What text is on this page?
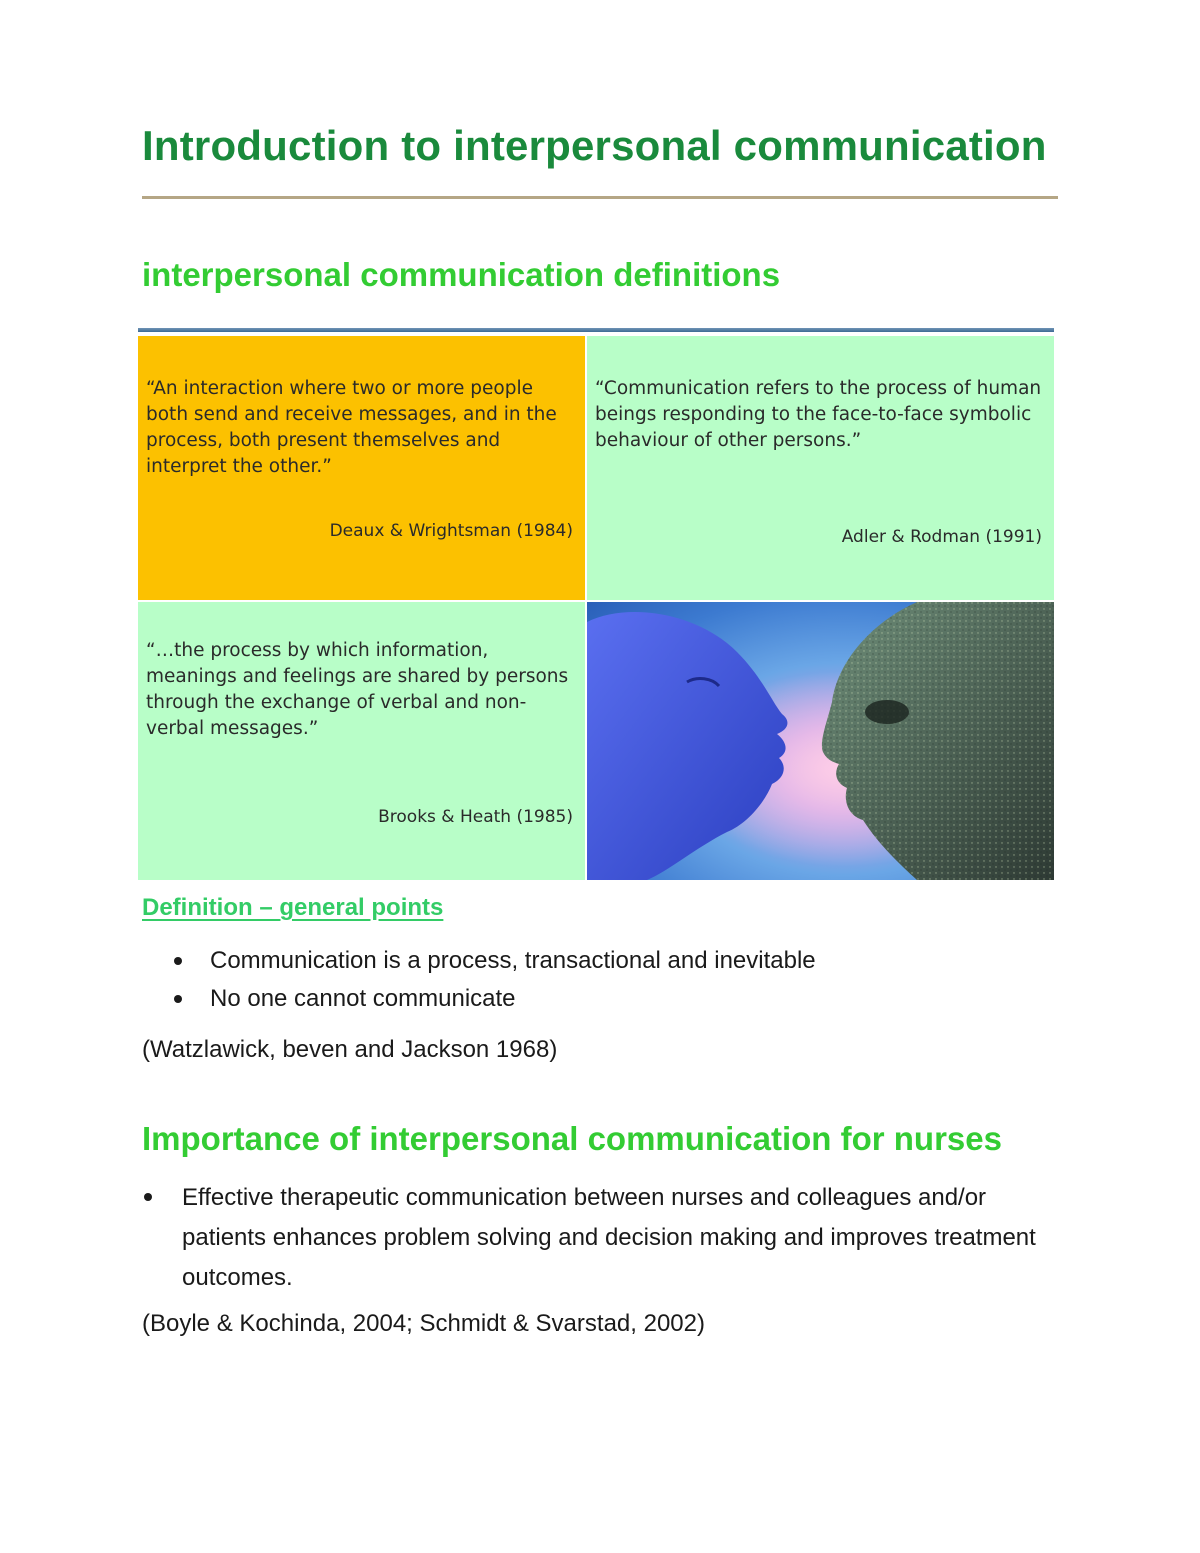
Introduction to interpersonal communication
interpersonal communication definitions
“An interaction where two or more people both send and receive messages, and in the process, both present themselves and interpret the other.”
Deaux & Wrightsman (1984)
“Communication refers to the process of human beings responding to the face-to-face symbolic behaviour of other persons.”
Adler & Rodman (1991)
“…the process by which information, meanings and feelings are shared by persons through the exchange of verbal and non-verbal messages.”
Brooks & Heath (1985)
Definition – general points
Communication is a process, transactional and inevitable
No one cannot communicate

(Watzlawick, beven and Jackson 1968)

Importance of interpersonal communication for nurses
Effective therapeutic communication between nurses and colleagues and/or patients enhances problem solving and decision making and improves treatment outcomes.

(Boyle & Kochinda, 2004; Schmidt & Svarstad, 2002)
